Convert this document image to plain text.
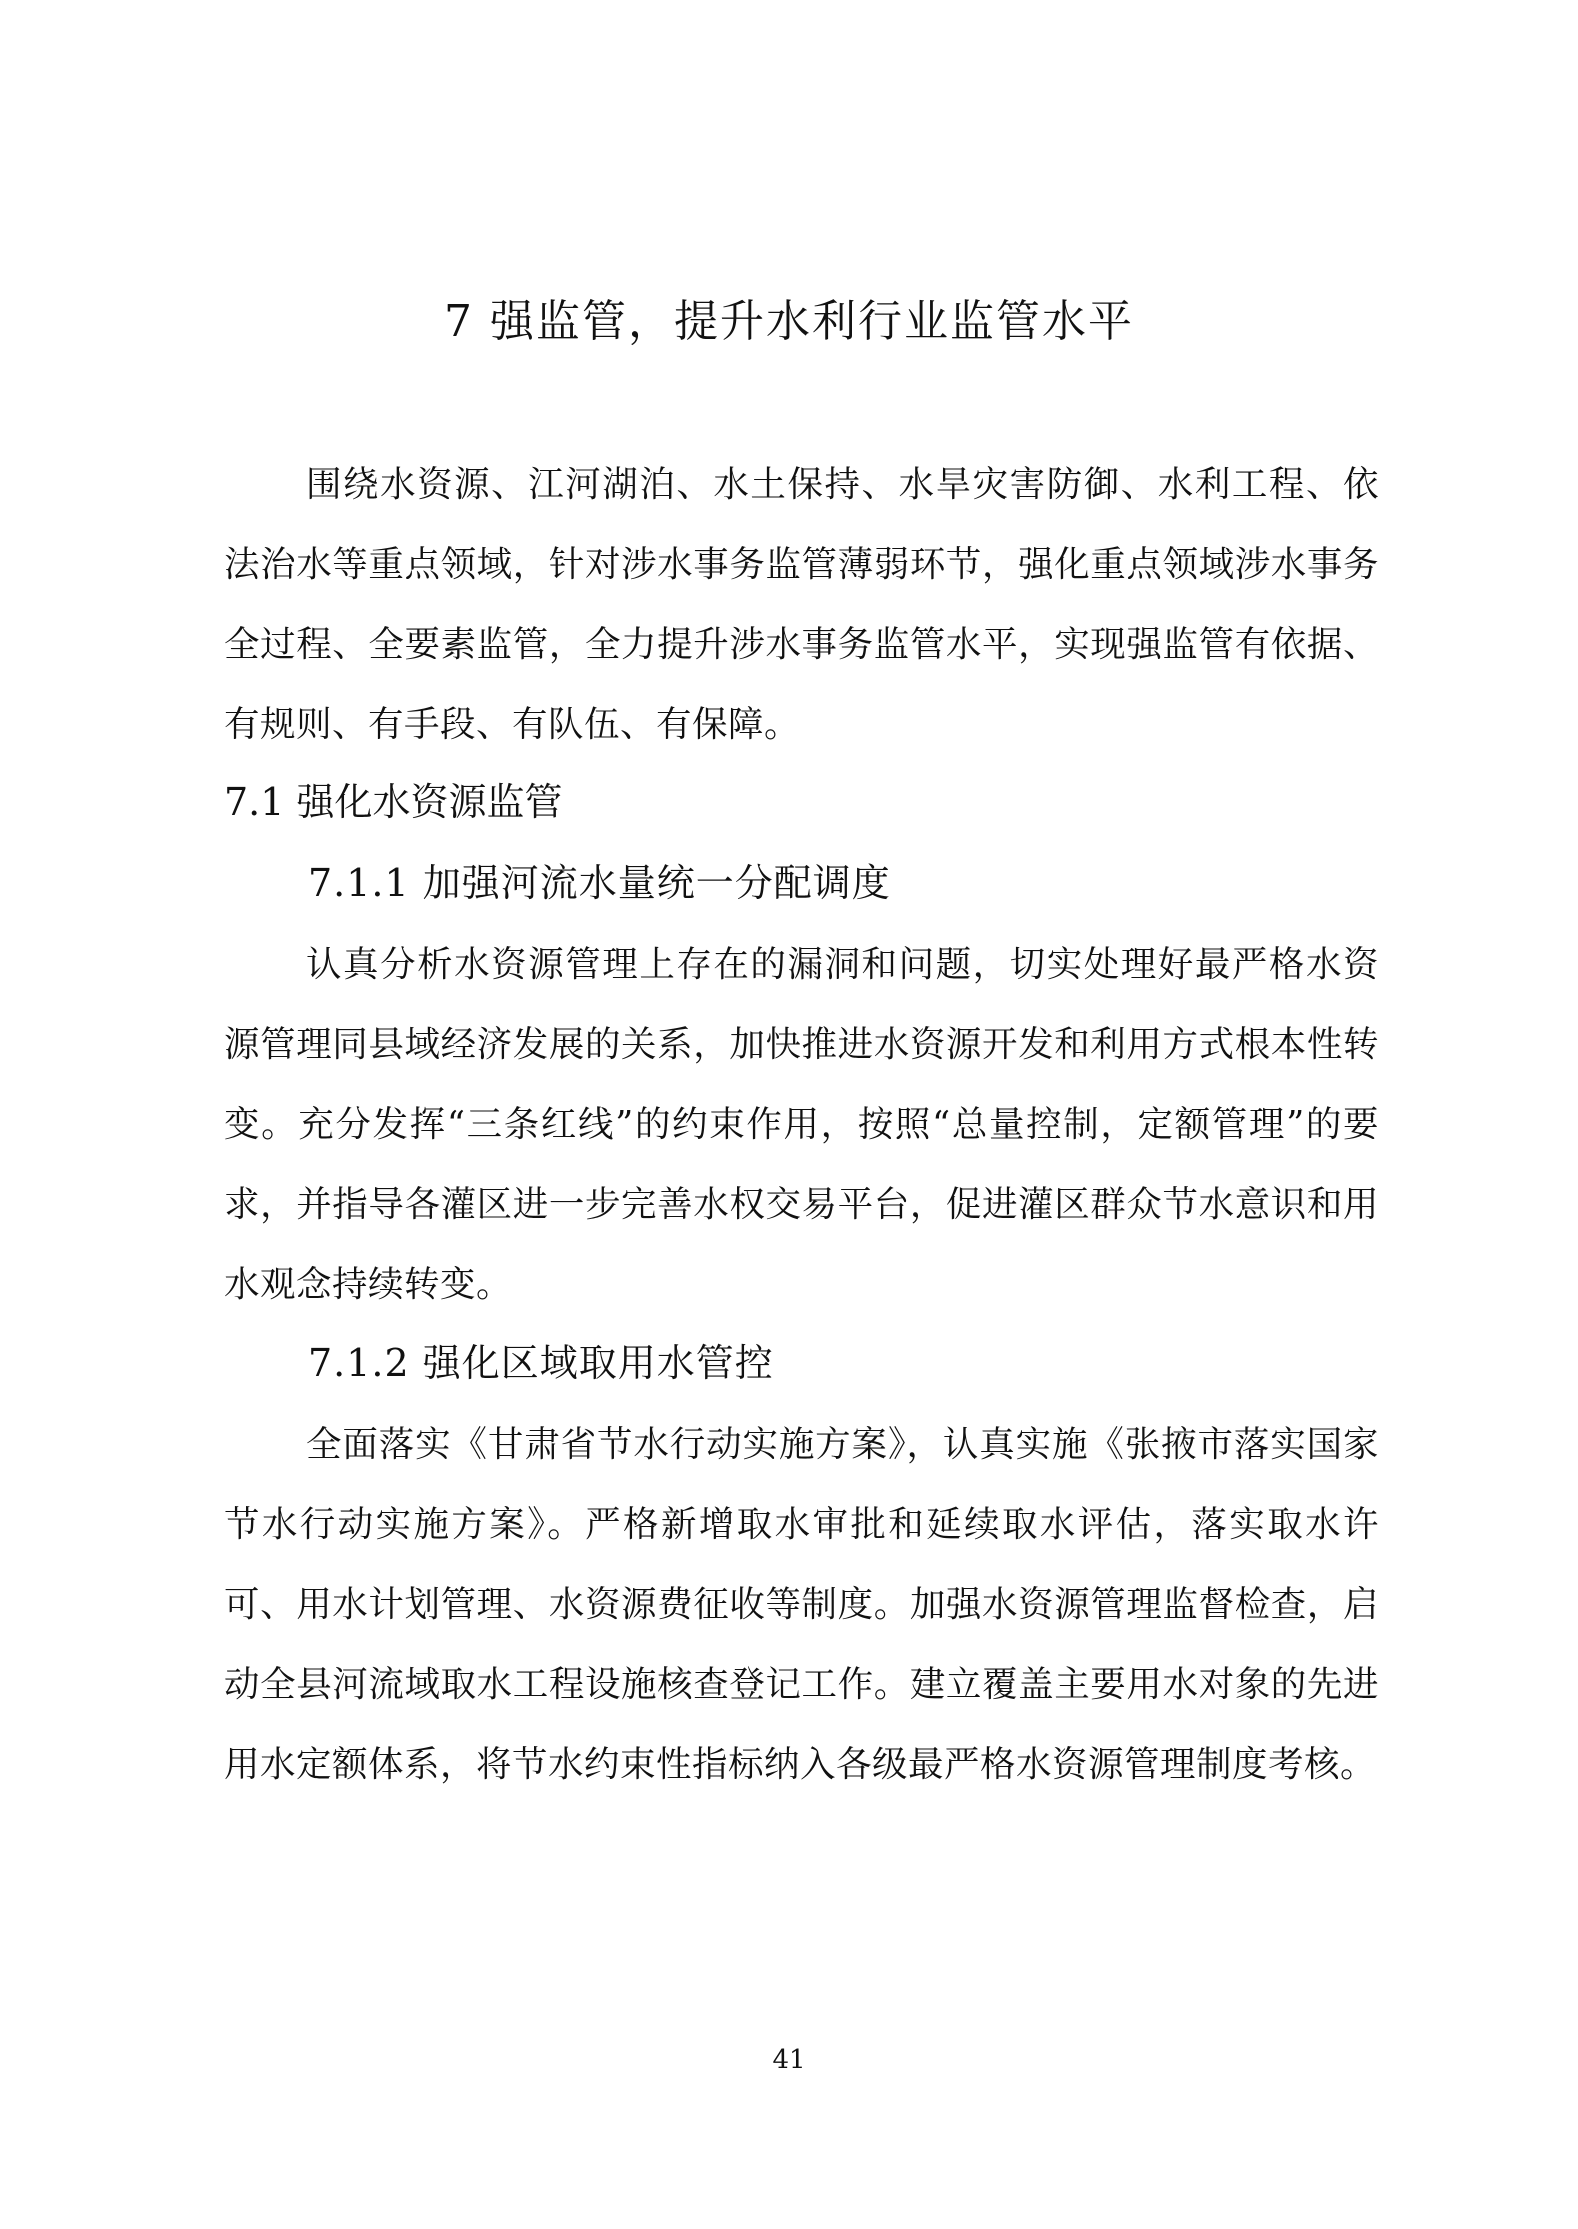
7 强监管，提升水利行业监管水平

围绕水资源、江河湖泊、水土保持、水旱灾害防御、水利工程、依法治水等重点领域，针对涉水事务监管薄弱环节，强化重点领域涉水事务全过程、全要素监管，全力提升涉水事务监管水平，实现强监管有依据、有规则、有手段、有队伍、有保障。

7.1 强化水资源监管
7.1.1 加强河流水量统一分配调度

认真分析水资源管理上存在的漏洞和问题，切实处理好最严格水资源管理同县域经济发展的关系，加快推进水资源开发和利用方式根本性转变。充分发挥“三条红线”的约束作用，按照“总量控制，定额管理”的要求，并指导各灌区进一步完善水权交易平台，促进灌区群众节水意识和用水观念持续转变。

7.1.2 强化区域取用水管控

全面落实《甘肃省节水行动实施方案》，认真实施《张掖市落实国家节水行动实施方案》。严格新增取水审批和延续取水评估，落实取水许可、用水计划管理、水资源费征收等制度。加强水资源管理监督检查，启动全县河流域取水工程设施核查登记工作。建立覆盖主要用水对象的先进用水定额体系，将节水约束性指标纳入各级最严格水资源管理制度考核。

41
